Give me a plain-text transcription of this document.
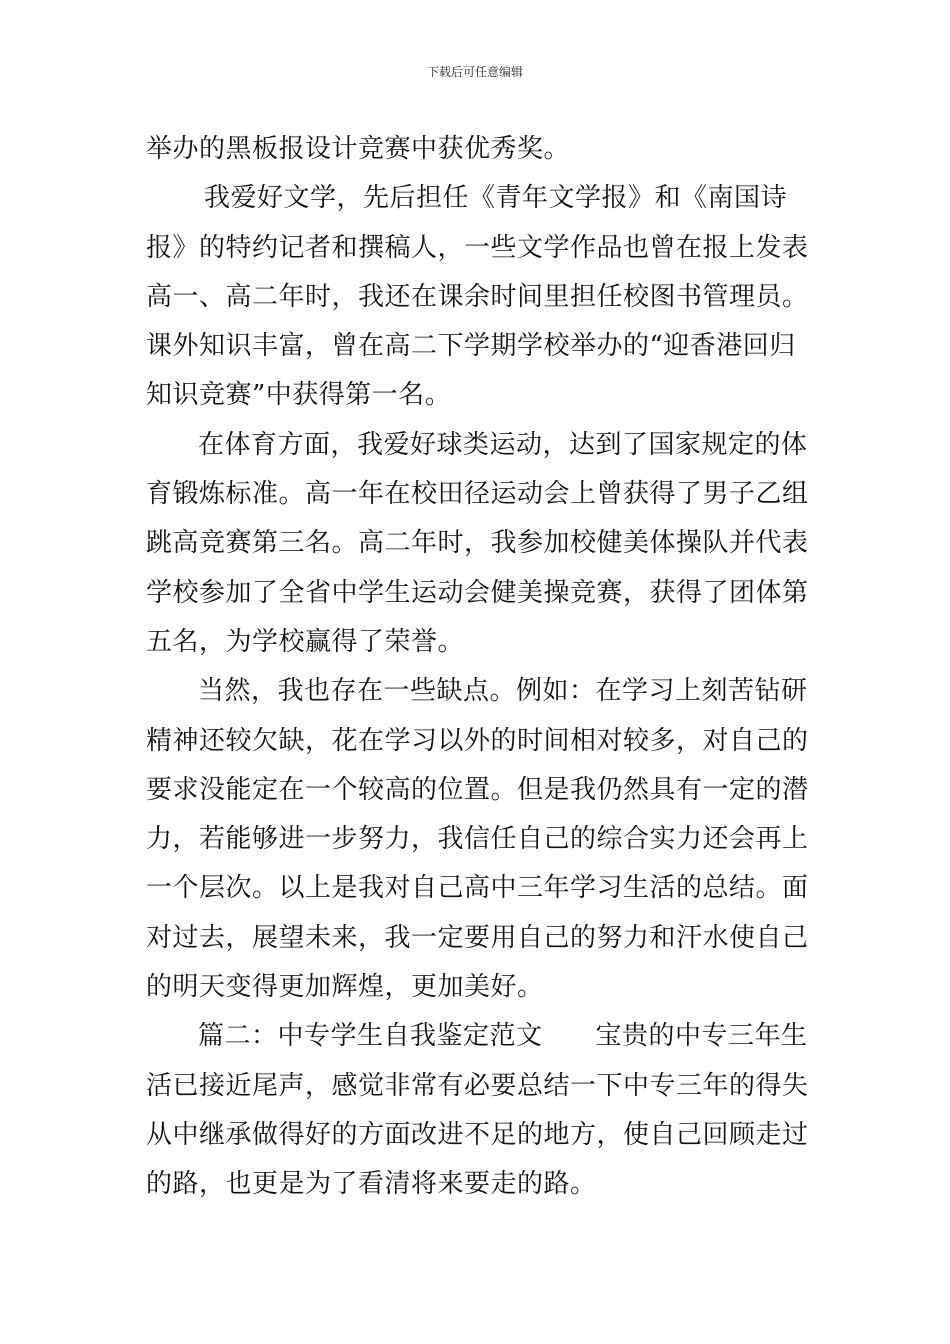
下载后可任意编辑
举办的黑板报设计竞赛中获优秀奖。
我爱好文学，先后担任《青年文学报》和《南国诗
报》的特约记者和撰稿人，一些文学作品也曾在报上发表
高一、高二年时，我还在课余时间里担任校图书管理员。
课外知识丰富，曾在高二下学期学校举办的“迎香港回归
知识竞赛”中获得第一名。
在体育方面，我爱好球类运动，达到了国家规定的体
育锻炼标准。高一年在校田径运动会上曾获得了男子乙组
跳高竞赛第三名。高二年时，我参加校健美体操队并代表
学校参加了全省中学生运动会健美操竞赛，获得了团体第
五名，为学校赢得了荣誉。
当然，我也存在一些缺点。例如：在学习上刻苦钻研
精神还较欠缺，花在学习以外的时间相对较多，对自己的
要求没能定在一个较高的位置。但是我仍然具有一定的潜
力，若能够进一步努力，我信任自己的综合实力还会再上
一个层次。以上是我对自己高中三年学习生活的总结。面
对过去，展望未来，我一定要用自己的努力和汗水使自己
的明天变得更加辉煌，更加美好。
篇二：中专学生自我鉴定范文　　宝贵的中专三年生
活已接近尾声，感觉非常有必要总结一下中专三年的得失
从中继承做得好的方面改进不足的地方，使自己回顾走过
的路，也更是为了看清将来要走的路。
